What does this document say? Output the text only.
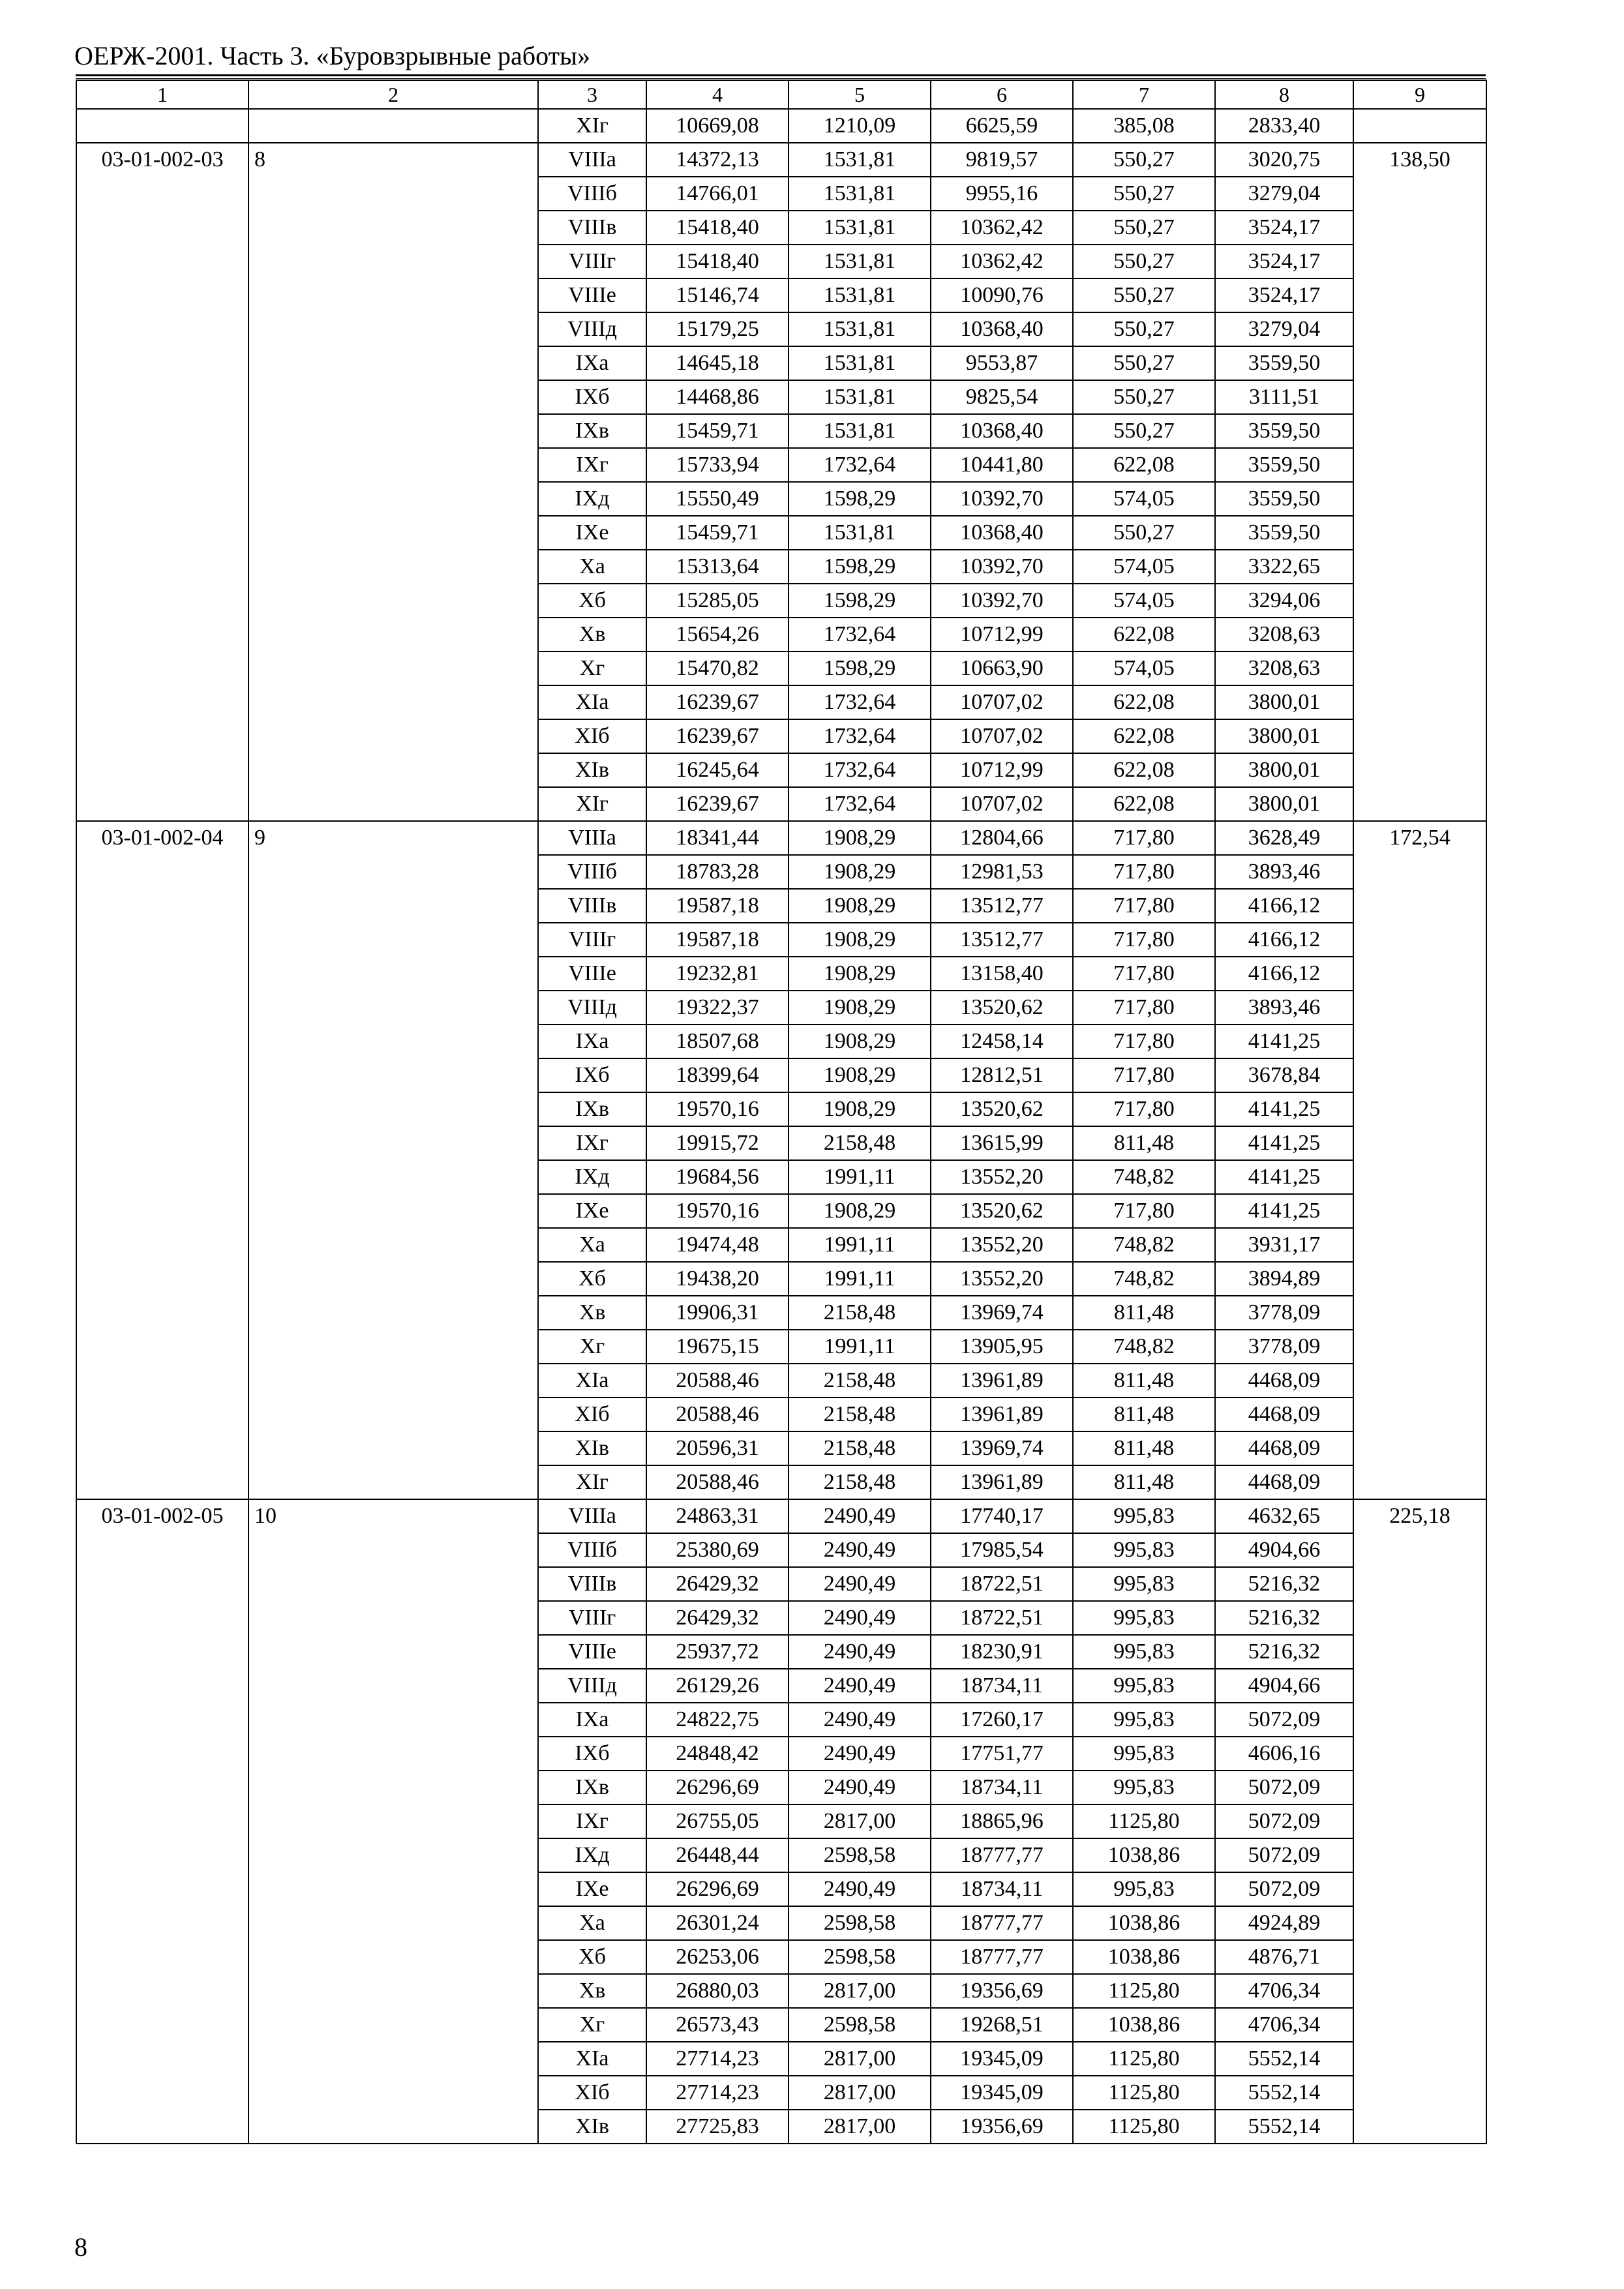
ОЕРЖ-2001. Часть 3. «Буровзрывные работы»
1	2	3	4	5	6	7	8	9
		XIг	10669,08	1210,09	6625,59	385,08	2833,40	
03-01-002-03	8	VIIIа	14372,13	1531,81	9819,57	550,27	3020,75	138,50
		VIIIб	14766,01	1531,81	9955,16	550,27	3279,04	
		VIIIв	15418,40	1531,81	10362,42	550,27	3524,17	
		VIIIг	15418,40	1531,81	10362,42	550,27	3524,17	
		VIIIе	15146,74	1531,81	10090,76	550,27	3524,17	
		VIIIд	15179,25	1531,81	10368,40	550,27	3279,04	
		IXа	14645,18	1531,81	9553,87	550,27	3559,50	
		IXб	14468,86	1531,81	9825,54	550,27	3111,51	
		IXв	15459,71	1531,81	10368,40	550,27	3559,50	
		IXг	15733,94	1732,64	10441,80	622,08	3559,50	
		IXд	15550,49	1598,29	10392,70	574,05	3559,50	
		IXе	15459,71	1531,81	10368,40	550,27	3559,50	
		Xа	15313,64	1598,29	10392,70	574,05	3322,65	
		Xб	15285,05	1598,29	10392,70	574,05	3294,06	
		Xв	15654,26	1732,64	10712,99	622,08	3208,63	
		Xг	15470,82	1598,29	10663,90	574,05	3208,63	
		XIа	16239,67	1732,64	10707,02	622,08	3800,01	
		XIб	16239,67	1732,64	10707,02	622,08	3800,01	
		XIв	16245,64	1732,64	10712,99	622,08	3800,01	
		XIг	16239,67	1732,64	10707,02	622,08	3800,01	
03-01-002-04	9	VIIIа	18341,44	1908,29	12804,66	717,80	3628,49	172,54
		VIIIб	18783,28	1908,29	12981,53	717,80	3893,46	
		VIIIв	19587,18	1908,29	13512,77	717,80	4166,12	
		VIIIг	19587,18	1908,29	13512,77	717,80	4166,12	
		VIIIе	19232,81	1908,29	13158,40	717,80	4166,12	
		VIIIд	19322,37	1908,29	13520,62	717,80	3893,46	
		IXа	18507,68	1908,29	12458,14	717,80	4141,25	
		IXб	18399,64	1908,29	12812,51	717,80	3678,84	
		IXв	19570,16	1908,29	13520,62	717,80	4141,25	
		IXг	19915,72	2158,48	13615,99	811,48	4141,25	
		IXд	19684,56	1991,11	13552,20	748,82	4141,25	
		IXе	19570,16	1908,29	13520,62	717,80	4141,25	
		Xа	19474,48	1991,11	13552,20	748,82	3931,17	
		Xб	19438,20	1991,11	13552,20	748,82	3894,89	
		Xв	19906,31	2158,48	13969,74	811,48	3778,09	
		Xг	19675,15	1991,11	13905,95	748,82	3778,09	
		XIа	20588,46	2158,48	13961,89	811,48	4468,09	
		XIб	20588,46	2158,48	13961,89	811,48	4468,09	
		XIв	20596,31	2158,48	13969,74	811,48	4468,09	
		XIг	20588,46	2158,48	13961,89	811,48	4468,09	
03-01-002-05	10	VIIIа	24863,31	2490,49	17740,17	995,83	4632,65	225,18
		VIIIб	25380,69	2490,49	17985,54	995,83	4904,66	
		VIIIв	26429,32	2490,49	18722,51	995,83	5216,32	
		VIIIг	26429,32	2490,49	18722,51	995,83	5216,32	
		VIIIе	25937,72	2490,49	18230,91	995,83	5216,32	
		VIIIд	26129,26	2490,49	18734,11	995,83	4904,66	
		IXа	24822,75	2490,49	17260,17	995,83	5072,09	
		IXб	24848,42	2490,49	17751,77	995,83	4606,16	
		IXв	26296,69	2490,49	18734,11	995,83	5072,09	
		IXг	26755,05	2817,00	18865,96	1125,80	5072,09	
		IXд	26448,44	2598,58	18777,77	1038,86	5072,09	
		IXе	26296,69	2490,49	18734,11	995,83	5072,09	
		Xа	26301,24	2598,58	18777,77	1038,86	4924,89	
		Xб	26253,06	2598,58	18777,77	1038,86	4876,71	
		Xв	26880,03	2817,00	19356,69	1125,80	4706,34	
		Xг	26573,43	2598,58	19268,51	1038,86	4706,34	
		XIа	27714,23	2817,00	19345,09	1125,80	5552,14	
		XIб	27714,23	2817,00	19345,09	1125,80	5552,14	
		XIв	27725,83	2817,00	19356,69	1125,80	5552,14	
8
